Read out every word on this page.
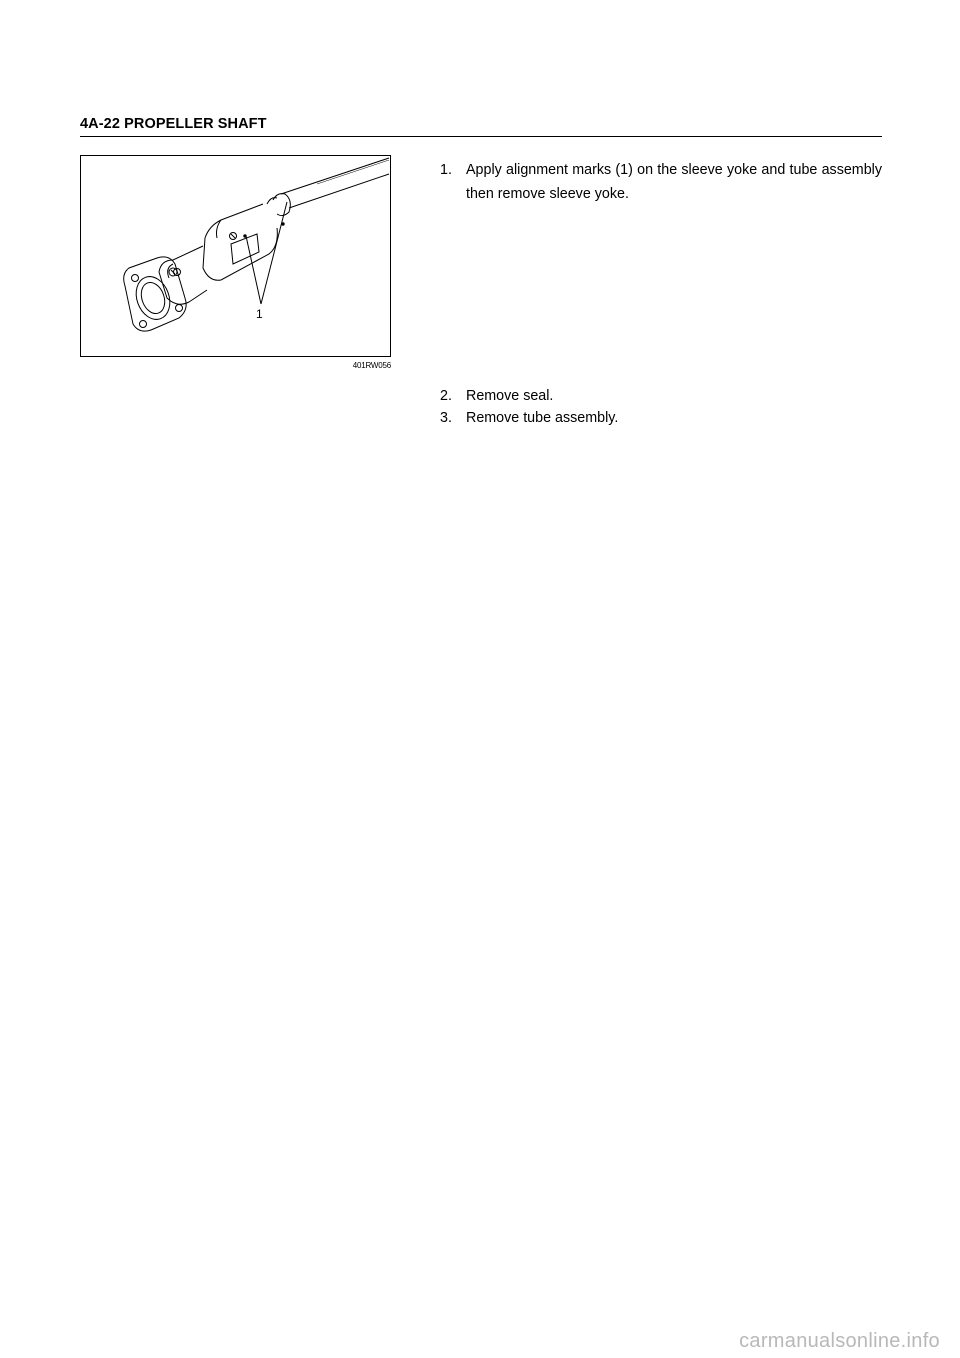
4A-22 PROPELLER SHAFT
1
401RW056
1. Apply alignment marks (1) on the sleeve yoke and tube assembly then remove sleeve yoke.
2. Remove seal.
3. Remove tube assembly.
carmanualsonline.info
